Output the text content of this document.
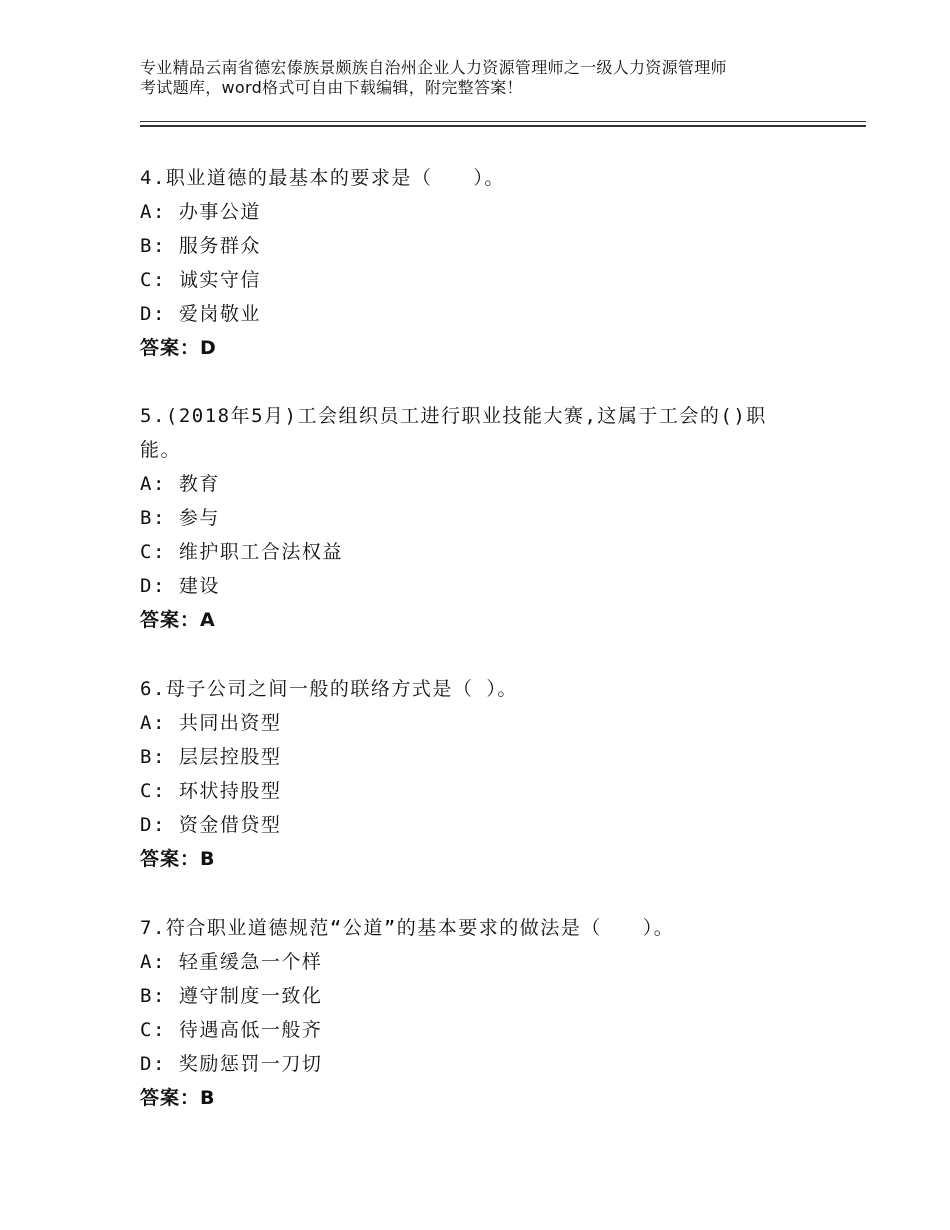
专业精品云南省德宏傣族景颇族自治州企业人力资源管理师之一级人力资源管理师
考试题库，word格式可自由下载编辑，附完整答案！

4.职业道德的最基本的要求是（　　）。

A: 办事公道

B: 服务群众

C: 诚实守信

D: 爱岗敬业

答案：D

5.(2018年5月)工会组织员工进行职业技能大赛,这属于工会的()职

能。

A: 教育

B: 参与

C: 维护职工合法权益

D: 建设

答案：A

6.母子公司之间一般的联络方式是（ ）。

A: 共同出资型

B: 层层控股型

C: 环状持股型

D: 资金借贷型

答案：B

7.符合职业道德规范“公道”的基本要求的做法是（　　）。

A: 轻重缓急一个样

B: 遵守制度一致化

C: 待遇高低一般齐

D: 奖励惩罚一刀切

答案：B
